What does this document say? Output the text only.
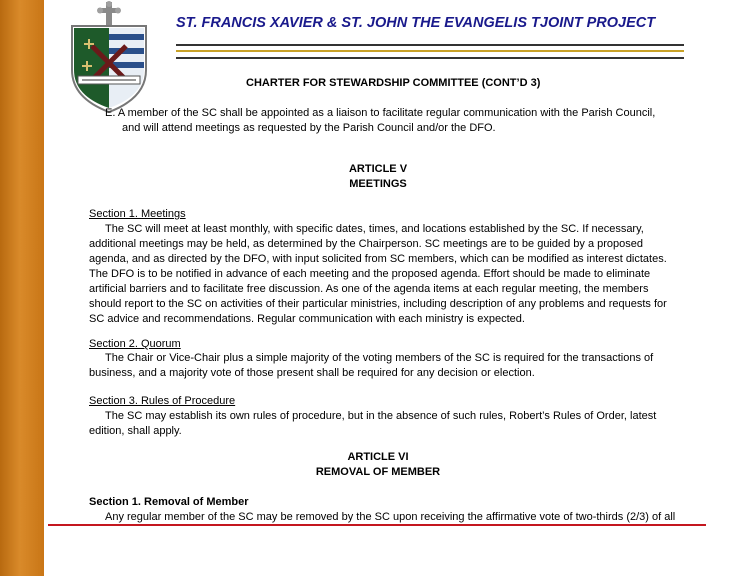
ST. FRANCIS XAVIER & ST. JOHN THE EVANGELIS TJOINT PROJECT
CHARTER FOR STEWARDSHIP COMMITTEE (CONT’D 3)
E. A member of the SC shall be appointed as a liaison to facilitate regular communication with the Parish Council,
and will attend meetings as requested by the Parish Council and/or the DFO.
ARTICLE V
MEETINGS
Section 1. Meetings
The SC will meet at least monthly, with specific dates, times, and locations established by the SC. If necessary,
additional meetings may be held, as determined by the Chairperson. SC meetings are to be guided by a proposed
agenda, and as directed by the DFO, with input solicited from SC members, which can be modified as interest dictates.
The DFO is to be notified in advance of each meeting and the proposed agenda. Effort should be made to eliminate
artificial barriers and to facilitate free discussion. As one of the agenda items at each regular meeting, the members
should report to the SC on activities of their particular ministries, including description of any problems and requests for
SC advice and recommendations. Regular communication with each ministry is expected.
Section 2. Quorum
The Chair or Vice-Chair plus a simple majority of the voting members of the SC is required for the transactions of
business, and a majority vote of those present shall be required for any decision or election.
Section 3. Rules of Procedure
The SC may establish its own rules of procedure, but in the absence of such rules, Robert’s Rules of Order, latest
edition, shall apply.
ARTICLE VI
REMOVAL OF MEMBER
Section 1. Removal of Member
Any regular member of the SC may be removed by the SC upon receiving the affirmative vote of two-thirds (2/3) of all
